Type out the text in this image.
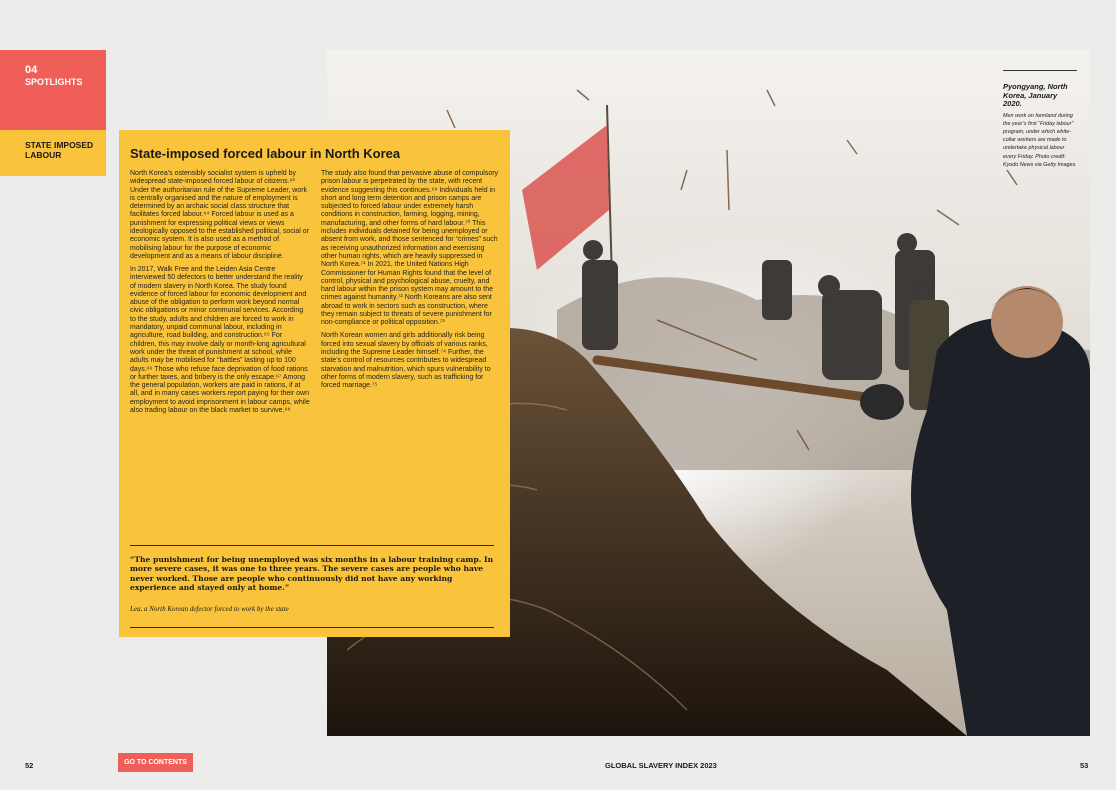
04
SPOTLIGHTS
STATE IMPOSED LABOUR
Pyongyang, North Korea, January 2020.
Men work on farmland during the year’s first “Friday labour” program, under which white-collar workers are made to undertake physical labour every Friday. Photo credit: Kyodo News via Getty Images.
State-imposed forced labour in North Korea

North Korea’s ostensibly socialist system is upheld by widespread state-imposed forced labour of citizens.⁶³ Under the authoritarian rule of the Supreme Leader, work is centrally organised and the nature of employment is determined by an archaic social class structure that facilitates forced labour.⁶⁴ Forced labour is used as a punishment for expressing political views or views ideologically opposed to the established political, social or economic system. It is also used as a method of mobilising labour for the purpose of economic development and as a means of labour discipline.

In 2017, Walk Free and the Leiden Asia Centre interviewed 50 defectors to better understand the reality of modern slavery in North Korea. The study found evidence of forced labour for economic development and abuse of the obligation to perform work beyond normal civic obligations or minor communal services. According to the study, adults and children are forced to work in mandatory, unpaid communal labour, including in agriculture, road building, and construction.⁶⁵ For children, this may involve daily or month-long agricultural work under the threat of punishment at school, while adults may be mobilised for “battles” lasting up to 100 days.⁶⁶ Those who refuse face deprivation of food rations or further taxes, and bribery is the only escape.⁶⁷ Among the general population, workers are paid in rations, if at all, and in many cases workers report paying for their own employment to avoid imprisonment in labour camps, while also trading labour on the black market to survive.⁶⁸

The study also found that pervasive abuse of compulsory prison labour is perpetrated by the state, with recent evidence suggesting this continues.⁶⁹ Individuals held in short and long term detention and prison camps are subjected to forced labour under extremely harsh conditions in construction, farming, logging, mining, manufacturing, and other forms of hard labour.⁷⁰ This includes individuals detained for being unemployed or absent from work, and those sentenced for “crimes” such as receiving unauthorized information and exercising other human rights, which are heavily suppressed in North Korea.⁷¹ In 2021, the United Nations High Commissioner for Human Rights found that the level of control, physical and psychological abuse, cruelty, and hard labour within the prison system may amount to the crimes against humanity.⁷² North Koreans are also sent abroad to work in sectors such as construction, where they remain subject to threats of severe punishment for non-compliance or political opposition.⁷³

North Korean women and girls additionally risk being forced into sexual slavery by officials of various ranks, including the Supreme Leader himself.⁷⁴ Further, the state’s control of resources contributes to widespread starvation and malnutrition, which spurs vulnerability to other forms of modern slavery, such as trafficking for forced marriage.⁷⁵

“The punishment for being unemployed was six months in a labour training camp. In more severe cases, it was one to three years. The severe cases are people who have never worked. Those are people who continuously did not have any working experience and stayed only at home.”
Lea, a North Korean defector forced to work by the state
52	GO TO CONTENTS	GLOBAL SLAVERY INDEX 2023	53
